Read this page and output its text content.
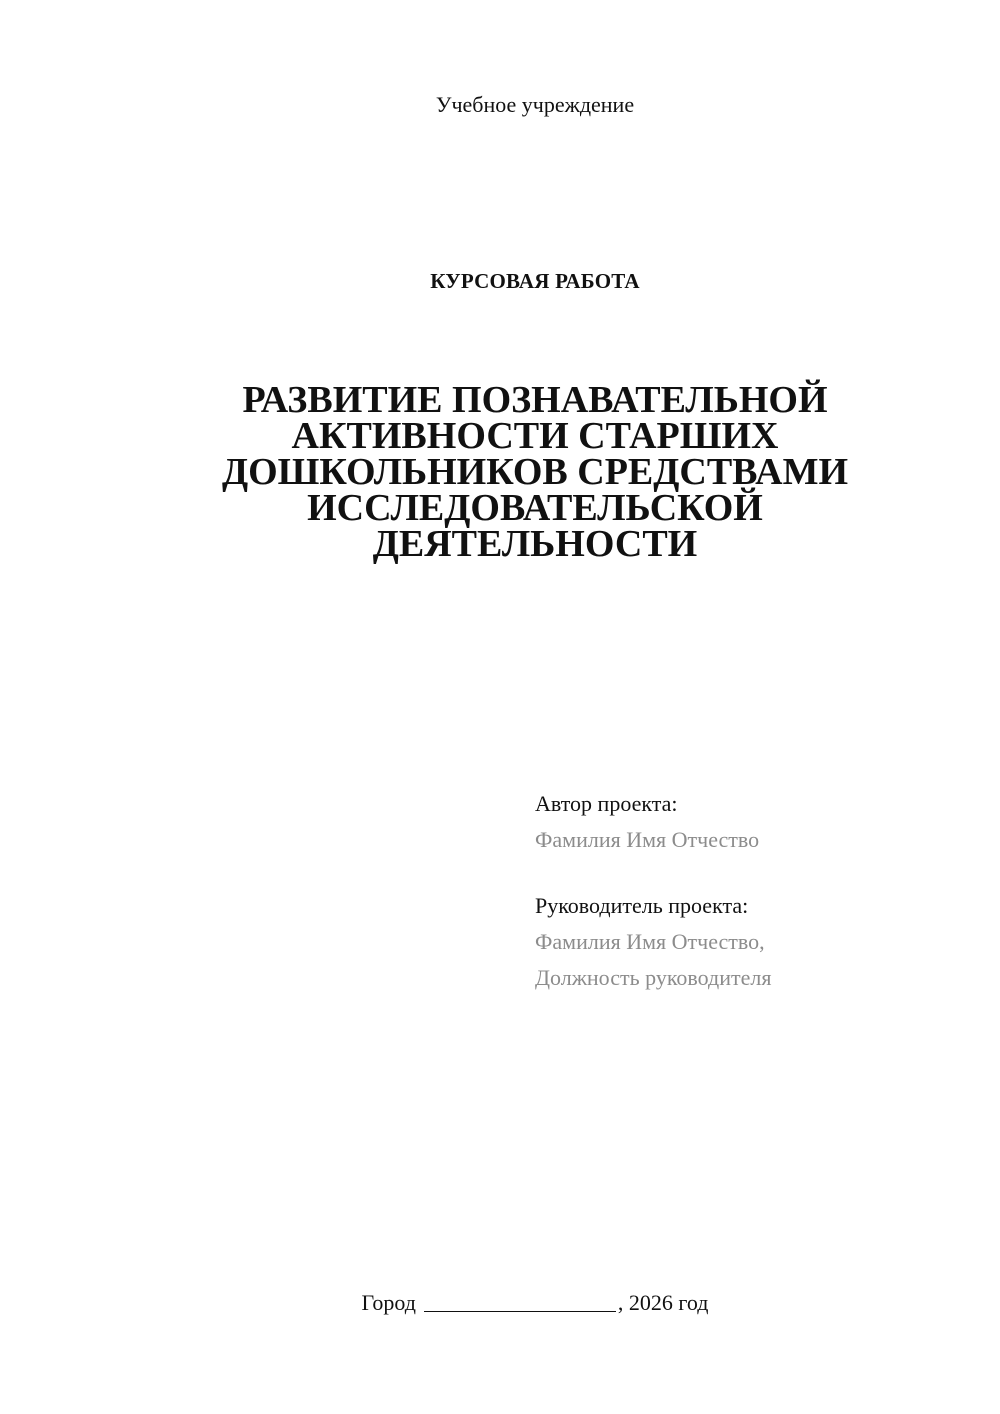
Учебное учреждение
КУРСОВАЯ РАБОТА
РАЗВИТИЕ ПОЗНАВАТЕЛЬНОЙ
АКТИВНОСТИ СТАРШИХ
ДОШКОЛЬНИКОВ СРЕДСТВАМИ
ИССЛЕДОВАТЕЛЬСКОЙ
ДЕЯТЕЛЬНОСТИ
Автор проекта:
Фамилия Имя Отчество
Руководитель проекта:
Фамилия Имя Отчество,
Должность руководителя
Город	, 2026 год
